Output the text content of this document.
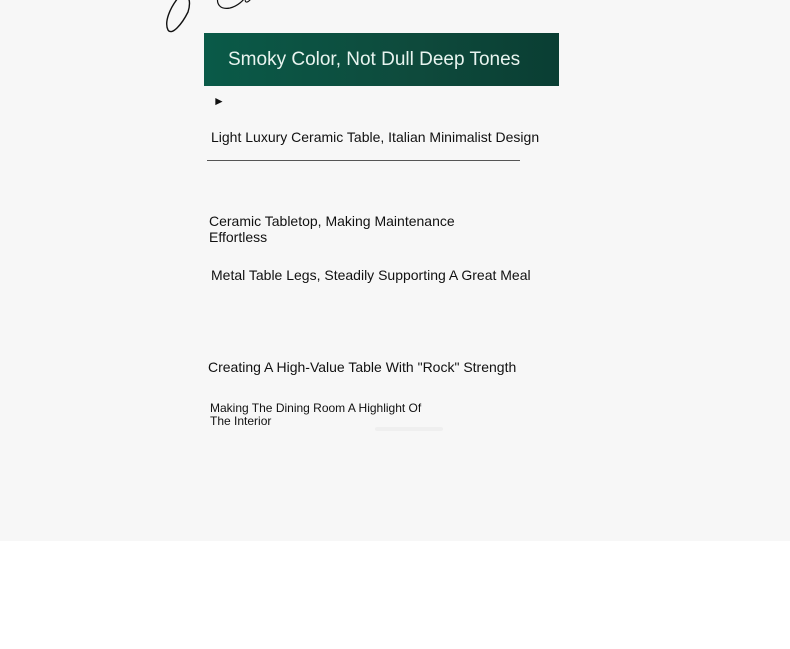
Smoky Color, Not Dull Deep Tones
►
Light Luxury Ceramic Table, Italian Minimalist Design
Ceramic Tabletop, Making Maintenance Effortless
Metal Table Legs, Steadily Supporting A Great Meal
Creating A High-Value Table With "Rock" Strength
Making The Dining Room A Highlight Of The Interior
